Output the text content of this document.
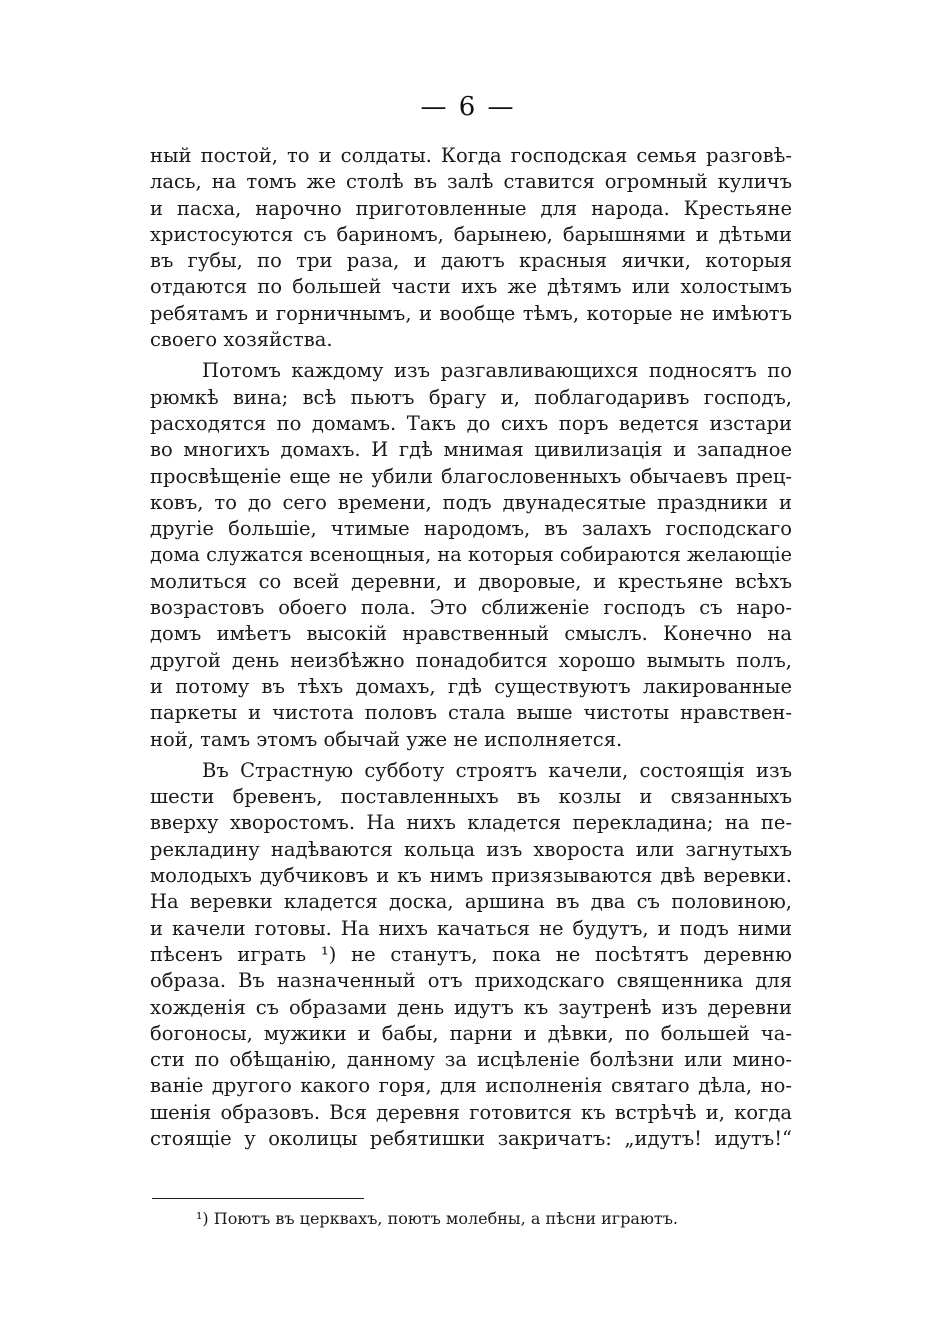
— 6 —
ный постой, то и солдаты. Когда господская семья разговѣ-
лась, на томъ же столѣ въ залѣ ставится огромный куличъ
и пасха, нарочно приготовленные для народа. Крестьяне
христосуются съ бариномъ, барынею, барышнями и дѣтьми
въ губы, по три раза, и даютъ красныя яички, которыя
отдаются по большей части ихъ же дѣтямъ или холостымъ
ребятамъ и горничнымъ, и вообще тѣмъ, которые не имѣютъ
своего хозяйства.
Потомъ каждому изъ разгавливающихся подносятъ по
рюмкѣ вина; всѣ пьютъ брагу и, поблагодаривъ господъ,
расходятся по домамъ. Такъ до сихъ поръ ведется изстари
во многихъ домахъ. И гдѣ мнимая цивилизація и западное
просвѣщеніе еще не убили благословенныхъ обычаевъ прец-
ковъ, то до сего времени, подъ двунадесятые праздники и
другіе большіе, чтимые народомъ, въ залахъ господскаго
дома служатся всенощныя, на которыя собираются желающіе
молиться со всей деревни, и дворовые, и крестьяне всѣхъ
возрастовъ обоего пола. Это сближеніе господъ съ наро-
домъ имѣетъ высокій нравственный смыслъ. Конечно на
другой день неизбѣжно понадобится хорошо вымыть полъ,
и потому въ тѣхъ домахъ, гдѣ существуютъ лакированные
паркеты и чистота половъ стала выше чистоты нравствен-
ной, тамъ этомъ обычай уже не исполняется.
Въ Страстную субботу строятъ качели, состоящія изъ
шести бревенъ, поставленныхъ въ козлы и связанныхъ
вверху хворостомъ. На нихъ кладется перекладина; на пе-
рекладину надѣваются кольца изъ хвороста или загнутыхъ
молодыхъ дубчиковъ и къ нимъ призязываются двѣ веревки.
На веревки кладется доска, аршина въ два съ половиною,
и качели готовы. На нихъ качаться не будутъ, и подъ ними
пѣсенъ играть ¹) не станутъ, пока не посѣтятъ деревню
образа. Въ назначенный отъ приходскаго священника для
хожденія съ образами день идутъ къ заутренѣ изъ деревни
богоносы, мужики и бабы, парни и дѣвки, по большей ча-
сти по обѣщанію, данному за исцѣленіе болѣзни или мино-
ваніе другого какого горя, для исполненія святаго дѣла, но-
шенія образовъ. Вся деревня готовится къ встрѣчѣ и, когда
стоящіе у околицы ребятишки закричатъ: „идутъ! идутъ!“
¹) Поютъ въ церквахъ, поютъ молебны, а пѣсни играютъ.
